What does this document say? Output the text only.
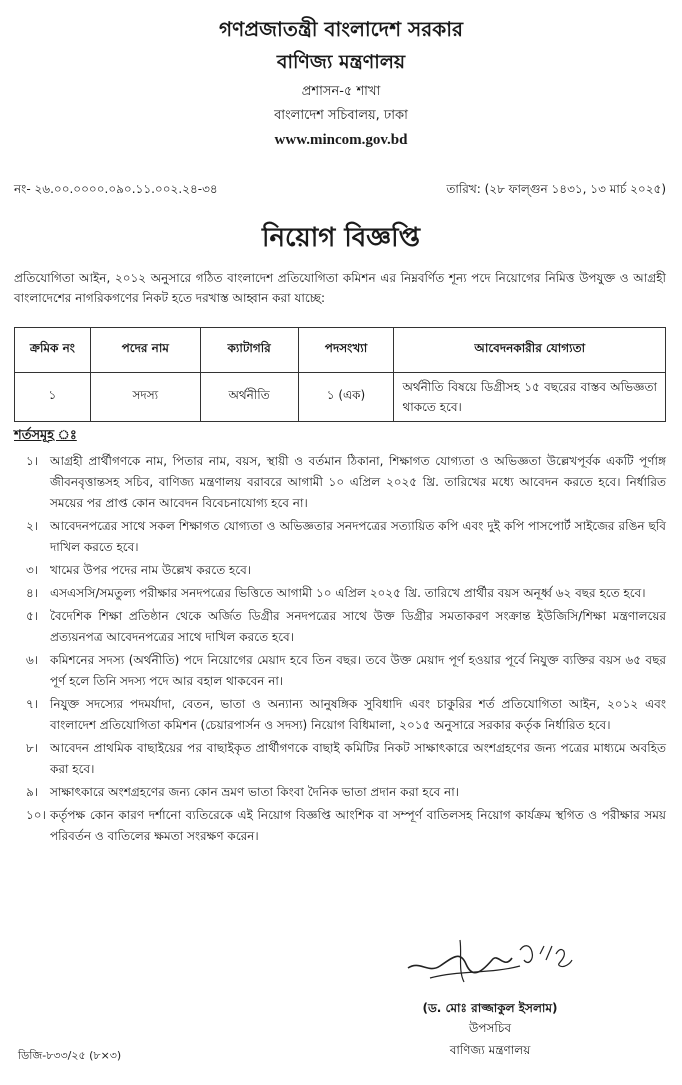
গণপ্রজাতন্ত্রী বাংলাদেশ সরকার
বাণিজ্য মন্ত্রণালয়
প্রশাসন-৫ শাখা
বাংলাদেশ সচিবালয়, ঢাকা
www.mincom.gov.bd
নং- ২৬.০০.০০০০.০৯০.১১.০০২.২৪-৩৪	তারিখ: (২৮ ফাল্গুন ১৪৩১, ১৩ মার্চ ২০২৫)
নিয়োগ বিজ্ঞপ্তি
প্রতিযোগিতা আইন, ২০১২ অনুসারে গঠিত বাংলাদেশ প্রতিযোগিতা কমিশন এর নিম্নবর্ণিত শূন্য পদে নিয়োগের নিমিত্ত উপযুক্ত ও আগ্রহী বাংলাদেশের নাগরিকগণের নিকট হতে দরখাস্ত আহ্বান করা যাচ্ছে:
ক্রমিক নং	পদের নাম	ক্যাটাগরি	পদসংখ্যা	আবেদনকারীর যোগ্যতা
১	সদস্য	অর্থনীতি	১ (এক)	অর্থনীতি বিষয়ে ডিগ্রীসহ ১৫ বছরের বাস্তব অভিজ্ঞতা থাকতে হবে।
শর্তসমূহ ঃ
১। আগ্রহী প্রার্থীগণকে নাম, পিতার নাম, বয়স, স্থায়ী ও বর্তমান ঠিকানা, শিক্ষাগত যোগ্যতা ও অভিজ্ঞতা উল্লেখপূর্বক একটি পূর্ণাঙ্গ জীবনবৃত্তান্তসহ সচিব, বাণিজ্য মন্ত্রণালয় বরাবরে আগামী ১০ এপ্রিল ২০২৫ খ্রি. তারিখের মধ্যে আবেদন করতে হবে। নির্ধারিত সময়ের পর প্রাপ্ত কোন আবেদন বিবেচনাযোগ্য হবে না।
২। আবেদনপত্রের সাথে সকল শিক্ষাগত যোগ্যতা ও অভিজ্ঞতার সনদপত্রের সত্যায়িত কপি এবং দুই কপি পাসপোর্ট সাইজের রঙিন ছবি দাখিল করতে হবে।
৩। খামের উপর পদের নাম উল্লেখ করতে হবে।
৪। এসএসসি/সমতুল্য পরীক্ষার সনদপত্রের ভিত্তিতে আগামী ১০ এপ্রিল ২০২৫ খ্রি. তারিখে প্রার্থীর বয়স অনূর্ধ্ব ৬২ বছর হতে হবে।
৫। বৈদেশিক শিক্ষা প্রতিষ্ঠান থেকে অর্জিত ডিগ্রীর সনদপত্রের সাথে উক্ত ডিগ্রীর সমতাকরণ সংক্রান্ত ইউজিসি/শিক্ষা মন্ত্রণালয়ের প্রত্যয়নপত্র আবেদনপত্রের সাথে দাখিল করতে হবে।
৬। কমিশনের সদস্য (অর্থনীতি) পদে নিয়োগের মেয়াদ হবে তিন বছর। তবে উক্ত মেয়াদ পূর্ণ হওয়ার পূর্বে নিযুক্ত ব্যক্তির বয়স ৬৫ বছর পূর্ণ হলে তিনি সদস্য পদে আর বহাল থাকবেন না।
৭। নিযুক্ত সদস্যের পদমর্যাদা, বেতন, ভাতা ও অন্যান্য আনুষঙ্গিক সুবিধাদি এবং চাকুরির শর্ত প্রতিযোগিতা আইন, ২০১২ এবং বাংলাদেশ প্রতিযোগিতা কমিশন (চেয়ারপার্সন ও সদস্য) নিয়োগ বিধিমালা, ২০১৫ অনুসারে সরকার কর্তৃক নির্ধারিত হবে।
৮। আবেদন প্রাথমিক বাছাইয়ের পর বাছাইকৃত প্রার্থীগণকে বাছাই কমিটির নিকট সাক্ষাৎকারে অংশগ্রহণের জন্য পত্রের মাধ্যমে অবহিত করা হবে।
৯। সাক্ষাৎকারে অংশগ্রহণের জন্য কোন ভ্রমণ ভাতা কিংবা দৈনিক ভাতা প্রদান করা হবে না।
১০। কর্তৃপক্ষ কোন কারণ দর্শানো ব্যতিরেকে এই নিয়োগ বিজ্ঞপ্তি আংশিক বা সম্পূর্ণ বাতিলসহ নিয়োগ কার্যক্রম স্থগিত ও পরীক্ষার সময় পরিবর্তন ও বাতিলের ক্ষমতা সংরক্ষণ করেন।
(ড. মোঃ রাজ্জাকুল ইসলাম)
উপসচিব
বাণিজ্য মন্ত্রণালয়
ডিজি-৮৩৩/২৫ (৮×৩)
